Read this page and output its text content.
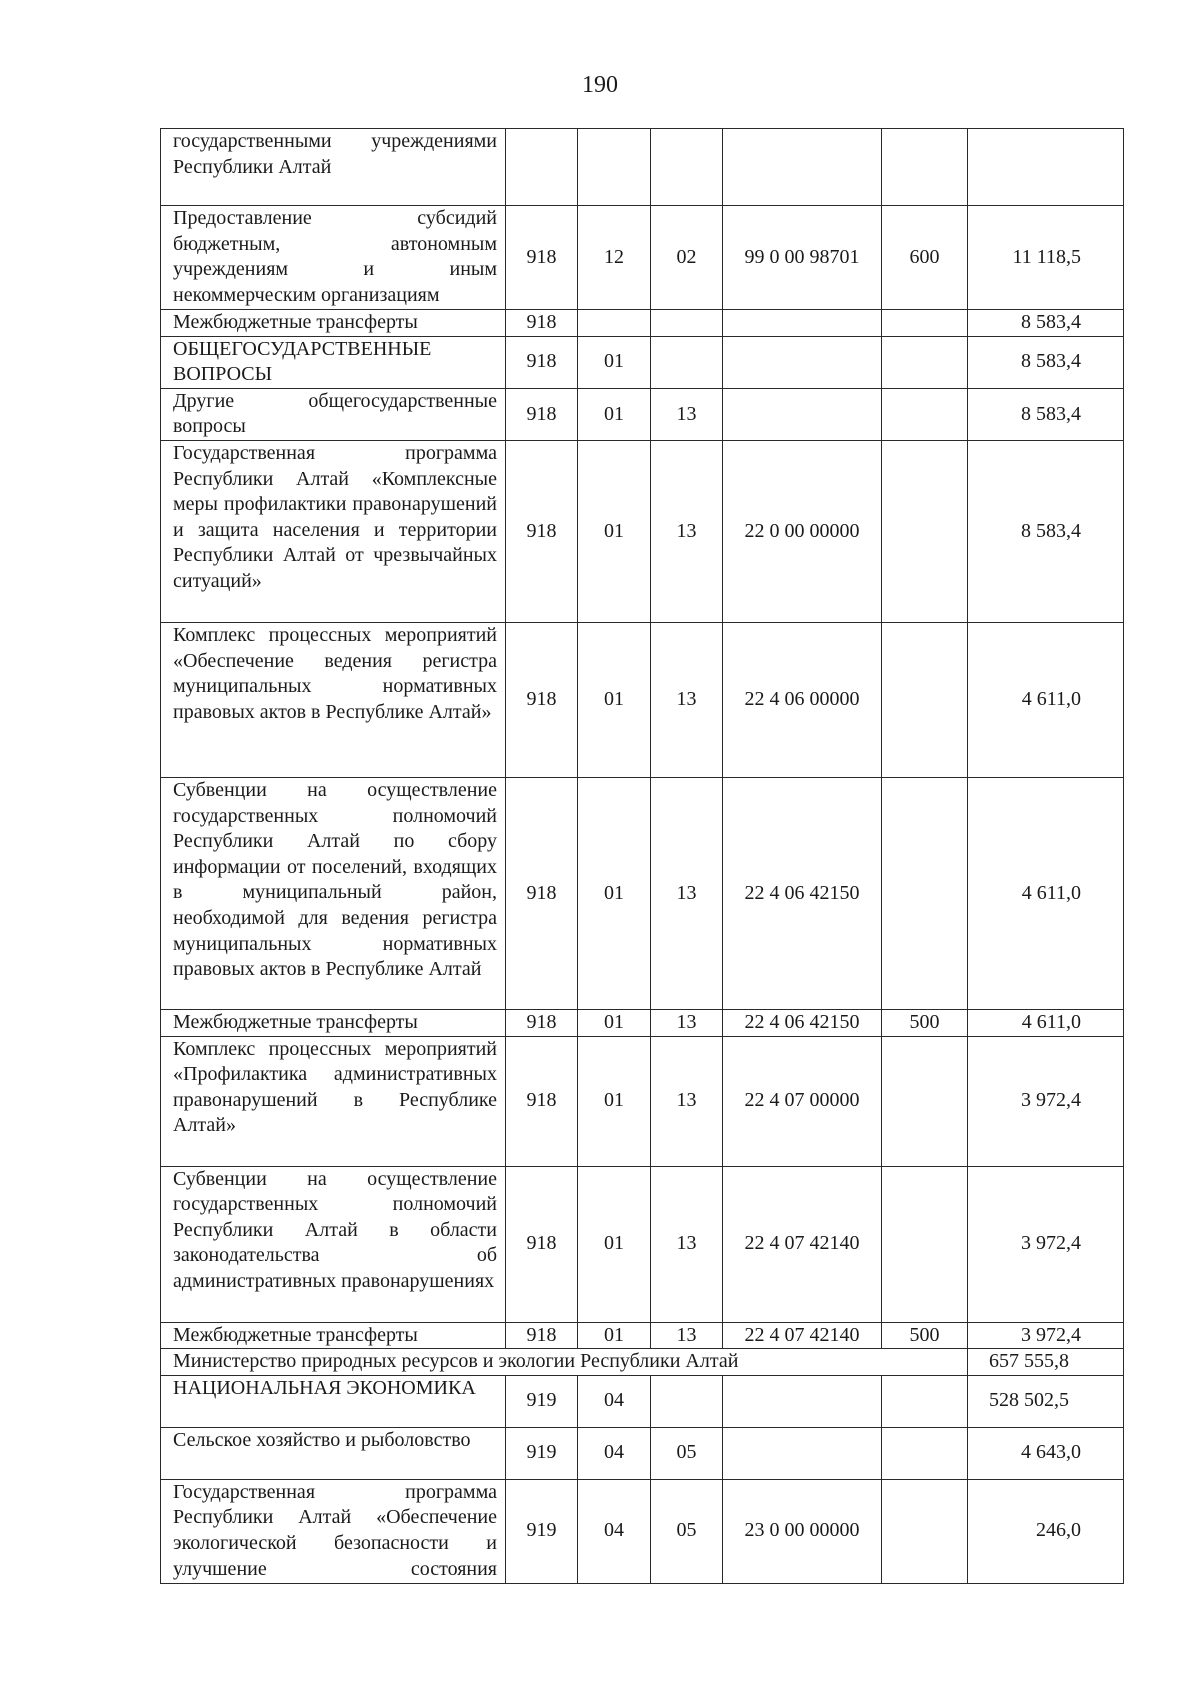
190
государственными учреждениями Республики Алтай						
Предоставление субсидий бюджетным, автономным учреждениям и иным некоммерческим организациям	918	12	02	99 0 00 98701	600	11 118,5
Межбюджетные трансферты	918					8 583,4
ОБЩЕГОСУДАРСТВЕННЫЕ ВОПРОСЫ	918	01				8 583,4
Другие общегосударственные вопросы	918	01	13			8 583,4
Государственная программа Республики Алтай «Комплексные меры профилактики правонарушений и защита населения и территории Республики Алтай от чрезвычайных ситуаций»	918	01	13	22 0 00 00000		8 583,4
Комплекс процессных мероприятий «Обеспечение ведения регистра муниципальных нормативных правовых актов в Республике Алтай»	918	01	13	22 4 06 00000		4 611,0
Субвенции на осуществление государственных полномочий Республики Алтай по сбору информации от поселений, входящих в муниципальный район, необходимой для ведения регистра муниципальных нормативных правовых актов в Республике Алтай	918	01	13	22 4 06 42150		4 611,0
Межбюджетные трансферты	918	01	13	22 4 06 42150	500	4 611,0
Комплекс процессных мероприятий «Профилактика административных правонарушений в Республике Алтай»	918	01	13	22 4 07 00000		3 972,4
Субвенции на осуществление государственных полномочий Республики Алтай в области законодательства об административных правонарушениях	918	01	13	22 4 07 42140		3 972,4
Межбюджетные трансферты	918	01	13	22 4 07 42140	500	3 972,4
Министерство природных ресурсов и экологии Республики Алтай						657 555,8
НАЦИОНАЛЬНАЯ ЭКОНОМИКА	919	04				528 502,5
Сельское хозяйство и рыболовство	919	04	05			4 643,0
Государственная программа Республики Алтай «Обеспечение экологической безопасности и улучшение состояния	919	04	05	23 0 00 00000		246,0
